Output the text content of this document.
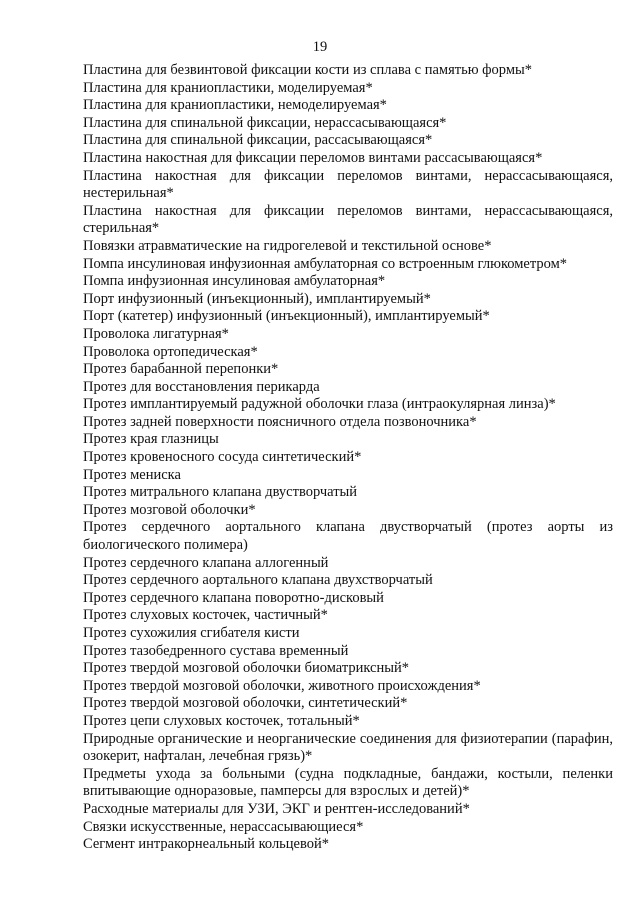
19
Пластина для безвинтовой фиксации кости из сплава с памятью формы*
Пластина для краниопластики, моделируемая*
Пластина для краниопластики, немоделируемая*
Пластина для спинальной фиксации, нерассасывающаяся*
Пластина для спинальной фиксации, рассасывающаяся*
Пластина накостная для фиксации переломов винтами рассасывающаяся*
Пластина накостная для фиксации переломов винтами, нерассасывающаяся, нестерильная*
Пластина накостная для фиксации переломов винтами, нерассасывающаяся, стерильная*
Повязки атравматические на гидрогелевой и текстильной основе*
Помпа инсулиновая инфузионная амбулаторная со встроенным глюкометром*
Помпа инфузионная инсулиновая амбулаторная*
Порт инфузионный (инъекционный), имплантируемый*
Порт (катетер) инфузионный (инъекционный), имплантируемый*
Проволока лигатурная*
Проволока ортопедическая*
Протез барабанной перепонки*
Протез для восстановления перикарда
Протез имплантируемый радужной оболочки глаза (интраокулярная линза)*
Протез задней поверхности поясничного отдела позвоночника*
Протез края глазницы
Протез кровеносного сосуда синтетический*
Протез мениска
Протез митрального клапана двустворчатый
Протез мозговой оболочки*
Протез сердечного аортального клапана двустворчатый (протез аорты из биологического полимера)
Протез сердечного клапана аллогенный
Протез сердечного аортального клапана двухстворчатый
Протез сердечного клапана поворотно-дисковый
Протез слуховых косточек, частичный*
Протез сухожилия сгибателя кисти
Протез тазобедренного сустава временный
Протез твердой мозговой оболочки биоматриксный*
Протез твердой мозговой оболочки, животного происхождения*
Протез твердой мозговой оболочки, синтетический*
Протез цепи слуховых косточек, тотальный*
Природные органические и неорганические соединения для физиотерапии (парафин, озокерит, нафталан, лечебная грязь)*
Предметы ухода за больными (судна подкладные, бандажи, костыли, пеленки впитывающие одноразовые, памперсы для взрослых и детей)*
Расходные материалы для УЗИ, ЭКГ и рентген-исследований*
Связки искусственные, нерассасывающиеся*
Сегмент интракорнеальный кольцевой*
